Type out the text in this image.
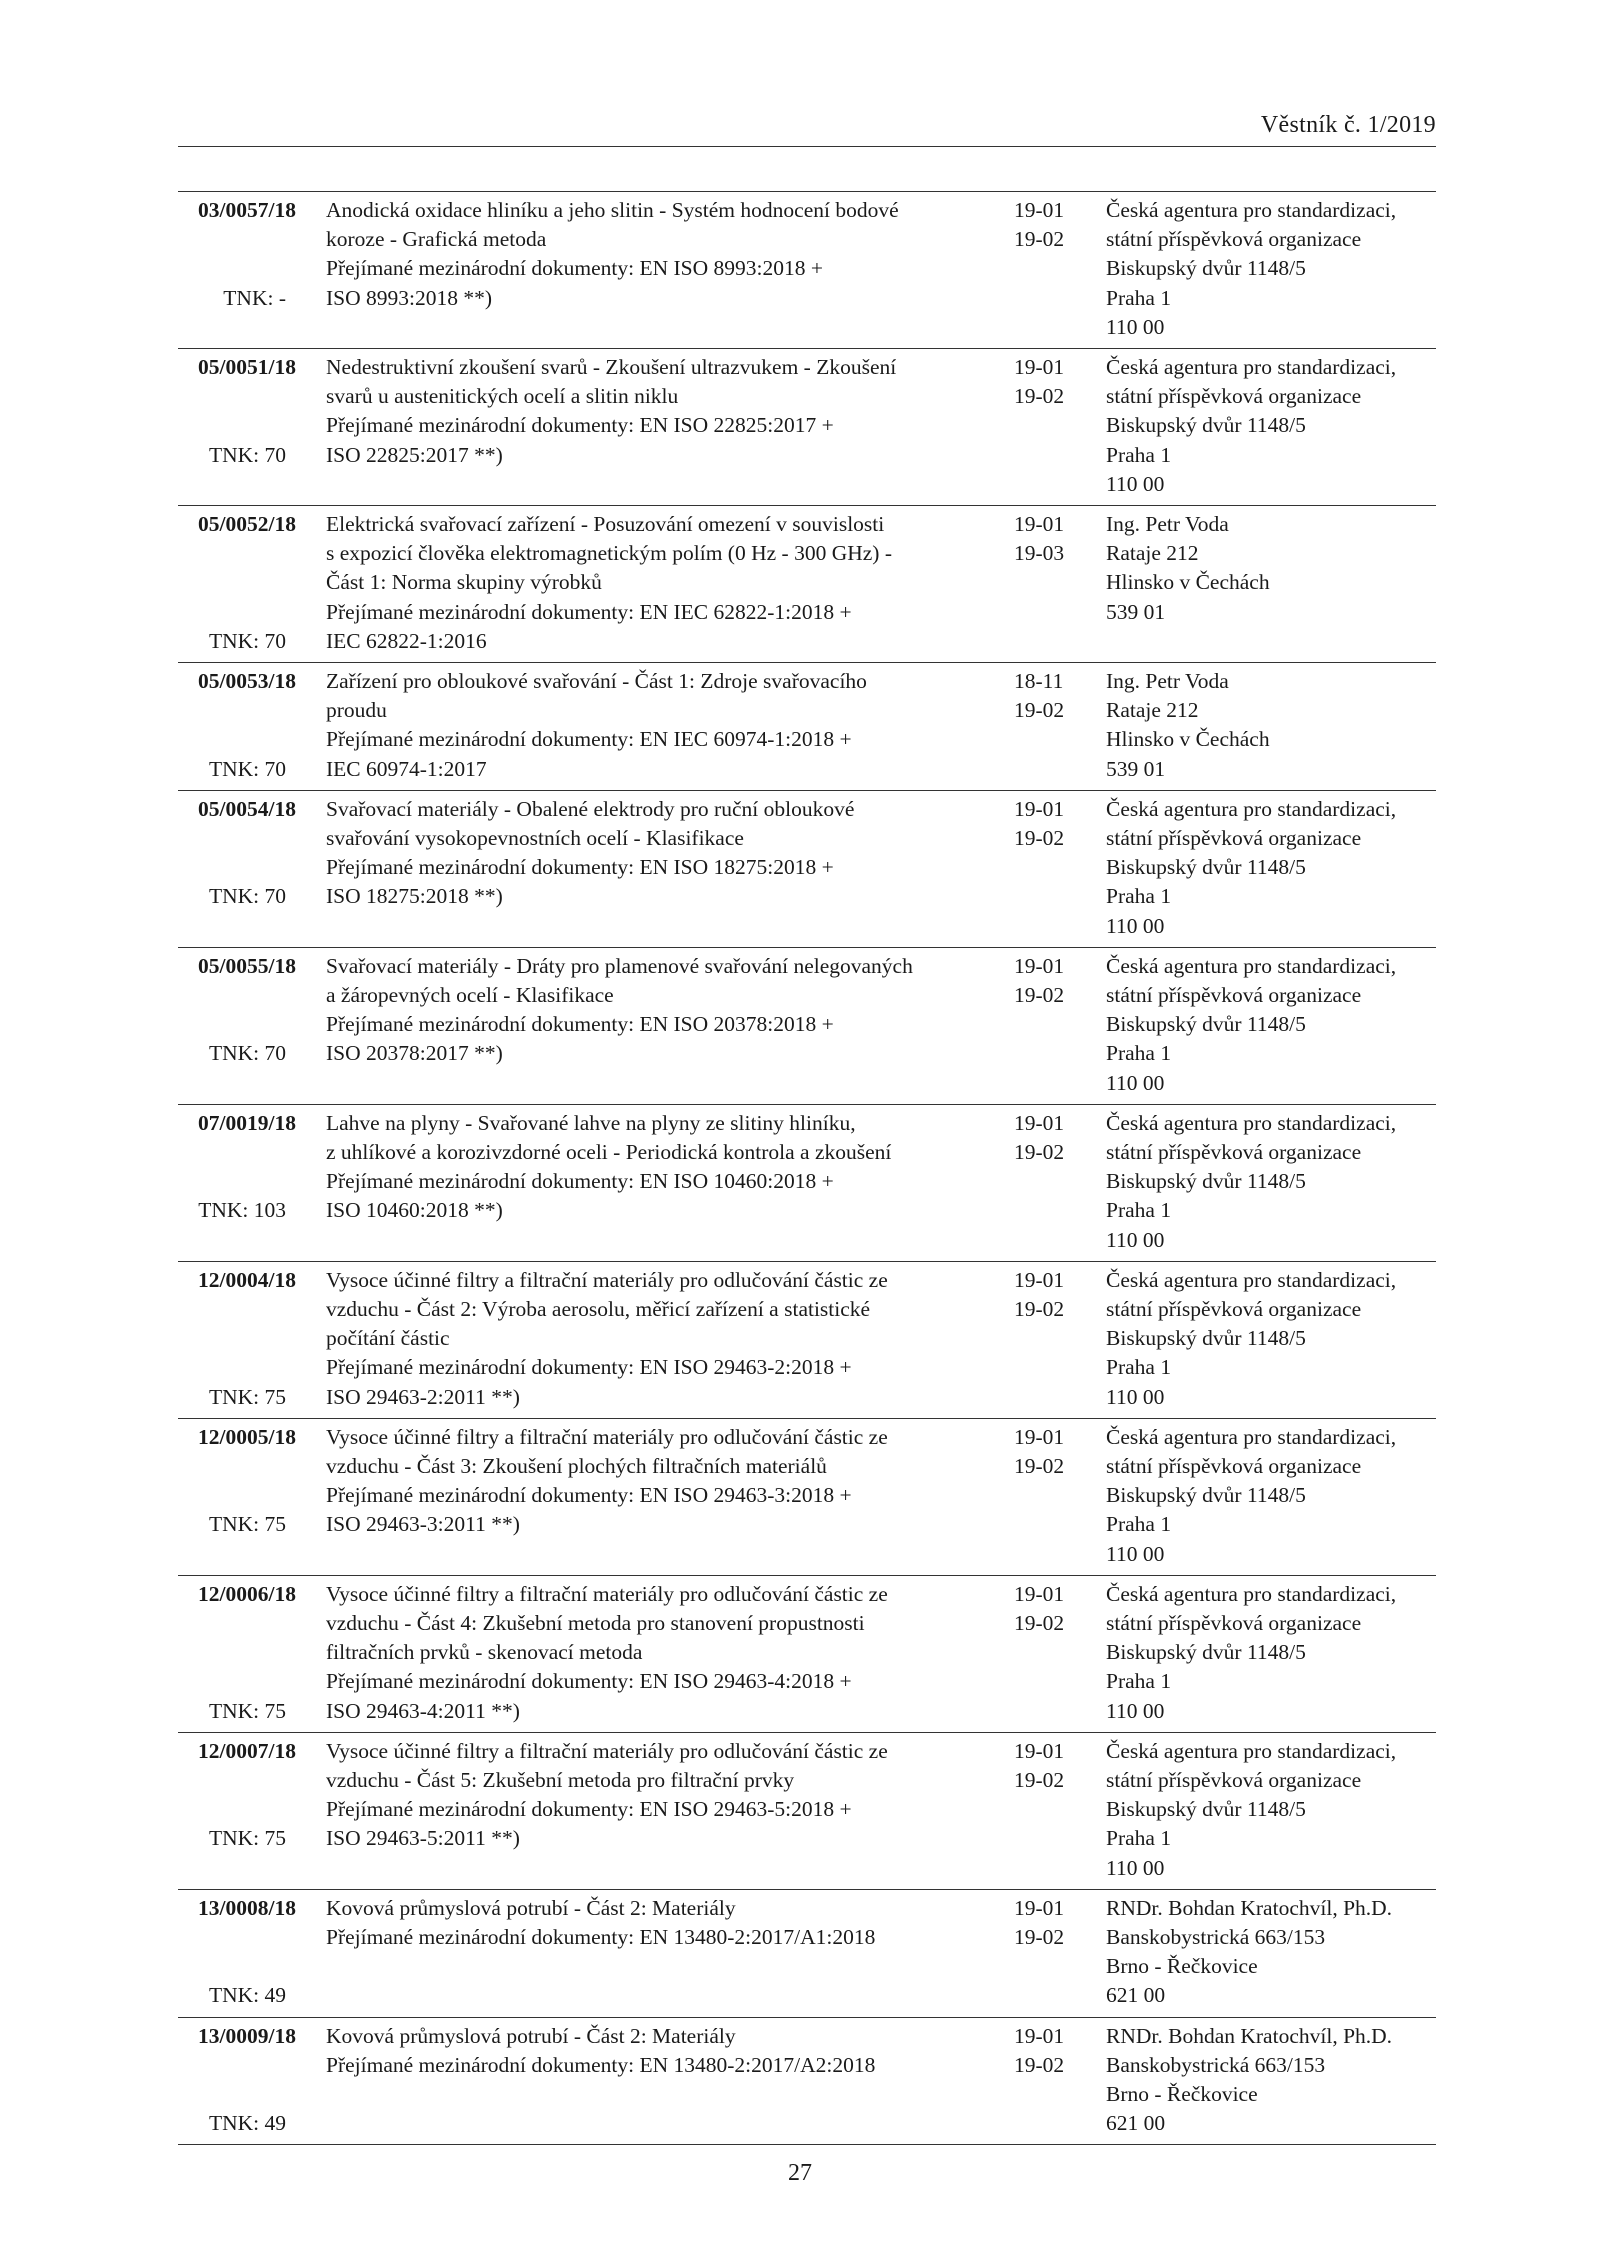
Věstník č. 1/2019
03/0057/18 Anodická oxidace hliníku a jeho slitin - Systém hodnocení bodové
koroze - Grafická metoda
Přejímané mezinárodní dokumenty: EN ISO 8993:2018 +
ISO 8993:2018 **)
19-01
19-02
Česká agentura pro standardizaci,
státní příspěvková organizace
Biskupský dvůr 1148/5
Praha 1
110 00
TNK: -
05/0051/18 Nedestruktivní zkoušení svarů - Zkoušení ultrazvukem - Zkoušení
svarů u austenitických ocelí a slitin niklu
Přejímané mezinárodní dokumenty: EN ISO 22825:2017 +
ISO 22825:2017 **)
19-01
19-02
Česká agentura pro standardizaci,
státní příspěvková organizace
Biskupský dvůr 1148/5
Praha 1
110 00
TNK: 70
05/0052/18 Elektrická svařovací zařízení - Posuzování omezení v souvislosti
s expozicí člověka elektromagnetickým polím (0 Hz - 300 GHz) -
Část 1: Norma skupiny výrobků
Přejímané mezinárodní dokumenty: EN IEC 62822-1:2018 +
IEC 62822-1:2016
19-01
19-03
Ing. Petr Voda
Rataje 212
Hlinsko v Čechách
539 01
TNK: 70
05/0053/18 Zařízení pro obloukové svařování - Část 1: Zdroje svařovacího
proudu
Přejímané mezinárodní dokumenty: EN IEC 60974-1:2018 +
IEC 60974-1:2017
18-11
19-02
Ing. Petr Voda
Rataje 212
Hlinsko v Čechách
539 01
TNK: 70
05/0054/18 Svařovací materiály - Obalené elektrody pro ruční obloukové
svařování vysokopevnostních ocelí - Klasifikace
Přejímané mezinárodní dokumenty: EN ISO 18275:2018 +
ISO 18275:2018 **)
19-01
19-02
Česká agentura pro standardizaci,
státní příspěvková organizace
Biskupský dvůr 1148/5
Praha 1
110 00
TNK: 70
05/0055/18 Svařovací materiály - Dráty pro plamenové svařování nelegovaných
a žáropevných ocelí - Klasifikace
Přejímané mezinárodní dokumenty: EN ISO 20378:2018 +
ISO 20378:2017 **)
19-01
19-02
Česká agentura pro standardizaci,
státní příspěvková organizace
Biskupský dvůr 1148/5
Praha 1
110 00
TNK: 70
07/0019/18 Lahve na plyny - Svařované lahve na plyny ze slitiny hliníku,
z uhlíkové a korozivzdorné oceli - Periodická kontrola a zkoušení
Přejímané mezinárodní dokumenty: EN ISO 10460:2018 +
ISO 10460:2018 **)
19-01
19-02
Česká agentura pro standardizaci,
státní příspěvková organizace
Biskupský dvůr 1148/5
Praha 1
110 00
TNK: 103
12/0004/18 Vysoce účinné filtry a filtrační materiály pro odlučování částic ze
vzduchu - Část 2: Výroba aerosolu, měřicí zařízení a statistické
počítání částic
Přejímané mezinárodní dokumenty: EN ISO 29463-2:2018 +
ISO 29463-2:2011 **)
19-01
19-02
Česká agentura pro standardizaci,
státní příspěvková organizace
Biskupský dvůr 1148/5
Praha 1
110 00
TNK: 75
12/0005/18 Vysoce účinné filtry a filtrační materiály pro odlučování částic ze
vzduchu - Část 3: Zkoušení plochých filtračních materiálů
Přejímané mezinárodní dokumenty: EN ISO 29463-3:2018 +
ISO 29463-3:2011 **)
19-01
19-02
Česká agentura pro standardizaci,
státní příspěvková organizace
Biskupský dvůr 1148/5
Praha 1
110 00
TNK: 75
12/0006/18 Vysoce účinné filtry a filtrační materiály pro odlučování částic ze
vzduchu - Část 4: Zkušební metoda pro stanovení propustnosti
filtračních prvků - skenovací metoda
Přejímané mezinárodní dokumenty: EN ISO 29463-4:2018 +
ISO 29463-4:2011 **)
19-01
19-02
Česká agentura pro standardizaci,
státní příspěvková organizace
Biskupský dvůr 1148/5
Praha 1
110 00
TNK: 75
12/0007/18 Vysoce účinné filtry a filtrační materiály pro odlučování částic ze
vzduchu - Část 5: Zkušební metoda pro filtrační prvky
Přejímané mezinárodní dokumenty: EN ISO 29463-5:2018 +
ISO 29463-5:2011 **)
19-01
19-02
Česká agentura pro standardizaci,
státní příspěvková organizace
Biskupský dvůr 1148/5
Praha 1
110 00
TNK: 75
13/0008/18 Kovová průmyslová potrubí - Část 2: Materiály
Přejímané mezinárodní dokumenty: EN 13480-2:2017/A1:2018
19-01
19-02
RNDr. Bohdan Kratochvíl, Ph.D.
Banskobystrická 663/153
Brno - Řečkovice
621 00
TNK: 49
13/0009/18 Kovová průmyslová potrubí - Část 2: Materiály
Přejímané mezinárodní dokumenty: EN 13480-2:2017/A2:2018
19-01
19-02
RNDr. Bohdan Kratochvíl, Ph.D.
Banskobystrická 663/153
Brno - Řečkovice
621 00
TNK: 49
27
